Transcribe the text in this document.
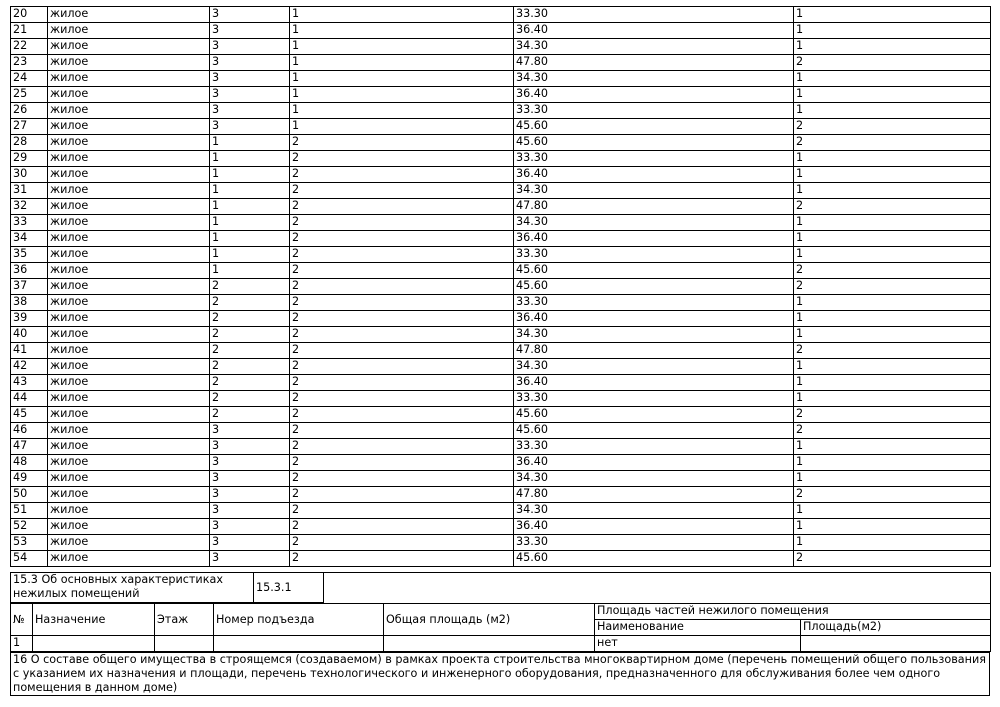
20	жилое	3	1	33.30	1
21	жилое	3	1	36.40	1
22	жилое	3	1	34.30	1
23	жилое	3	1	47.80	2
24	жилое	3	1	34.30	1
25	жилое	3	1	36.40	1
26	жилое	3	1	33.30	1
27	жилое	3	1	45.60	2
28	жилое	1	2	45.60	2
29	жилое	1	2	33.30	1
30	жилое	1	2	36.40	1
31	жилое	1	2	34.30	1
32	жилое	1	2	47.80	2
33	жилое	1	2	34.30	1
34	жилое	1	2	36.40	1
35	жилое	1	2	33.30	1
36	жилое	1	2	45.60	2
37	жилое	2	2	45.60	2
38	жилое	2	2	33.30	1
39	жилое	2	2	36.40	1
40	жилое	2	2	34.30	1
41	жилое	2	2	47.80	2
42	жилое	2	2	34.30	1
43	жилое	2	2	36.40	1
44	жилое	2	2	33.30	1
45	жилое	2	2	45.60	2
46	жилое	3	2	45.60	2
47	жилое	3	2	33.30	1
48	жилое	3	2	36.40	1
49	жилое	3	2	34.30	1
50	жилое	3	2	47.80	2
51	жилое	3	2	34.30	1
52	жилое	3	2	36.40	1
53	жилое	3	2	33.30	1
54	жилое	3	2	45.60	2
15.3 Об основных характеристиках нежилых помещений	15.3.1	
№	Назначение	Этаж	Номер подъезда	Общая площадь (м2)	Площадь частей нежилого помещения	
					Наименование	Площадь(м2)
1					нет	
16 О составе общего имущества в строящемся (создаваемом) в рамках проекта строительства многоквартирном доме (перечень помещений общего пользования с указанием их назначения и площади, перечень технологического и инженерного оборудования, предназначенного для обслуживания более чем одного помещения в данном доме)
